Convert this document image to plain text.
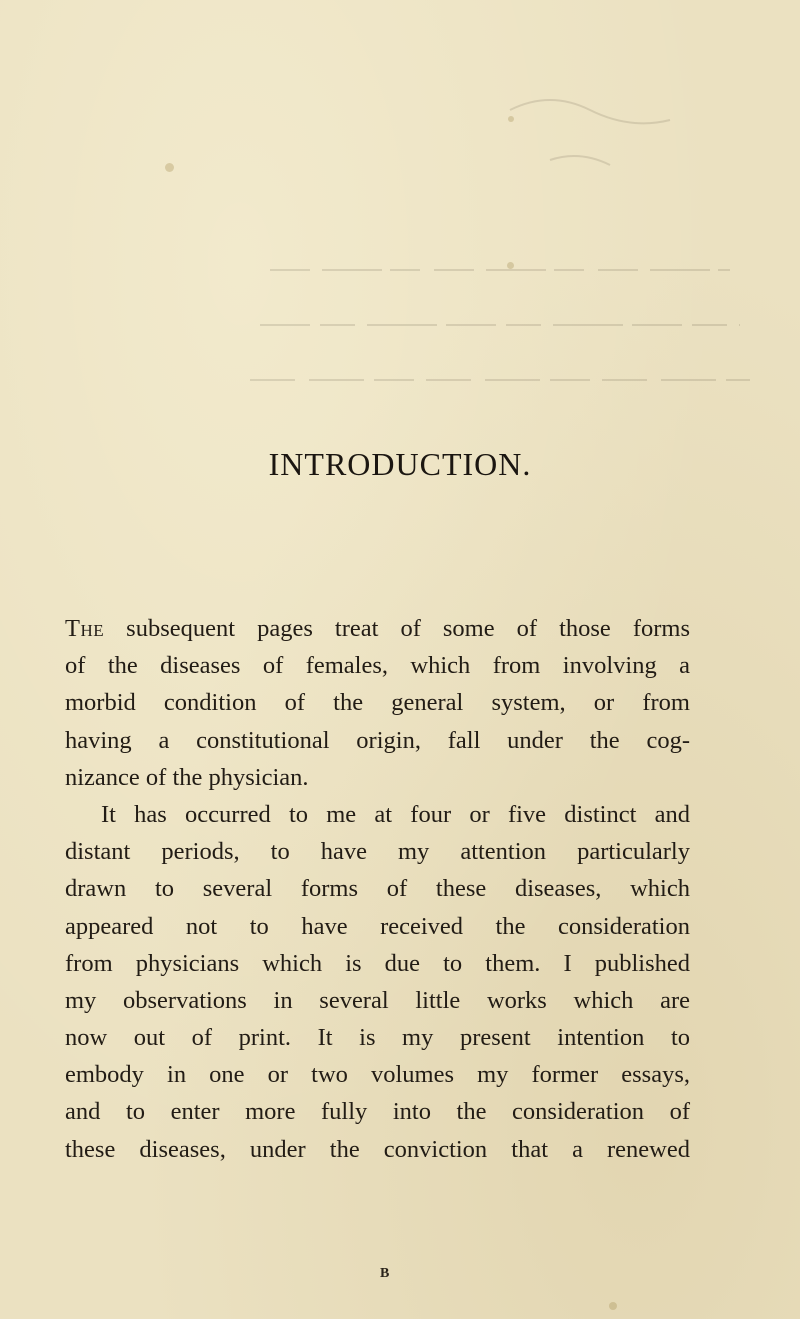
INTRODUCTION.
The subsequent pages treat of some of those forms
of the diseases of females, which from involving a
morbid condition of the general system, or from
having a constitutional origin, fall under the cog-
nizance of the physician.
It has occurred to me at four or five distinct and
distant periods, to have my attention particularly
drawn to several forms of these diseases, which
appeared not to have received the consideration
from physicians which is due to them. I published
my observations in several little works which are
now out of print. It is my present intention to
embody in one or two volumes my former essays,
and to enter more fully into the consideration of
these diseases, under the conviction that a renewed
B
